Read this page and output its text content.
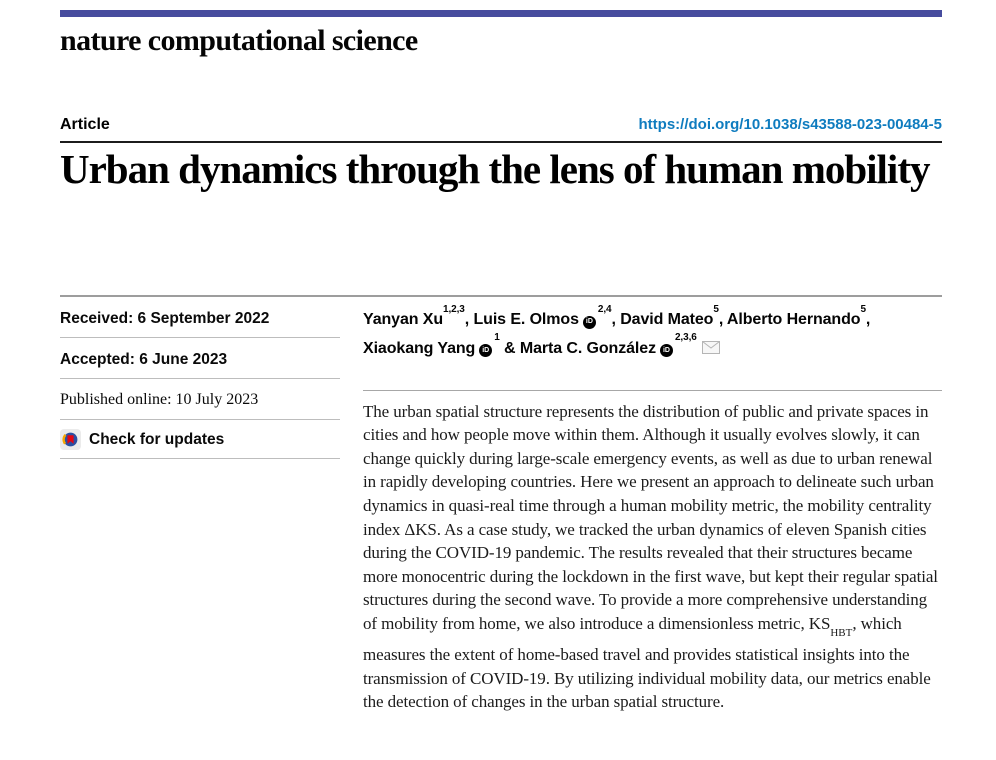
nature computational science
Article	https://doi.org/10.1038/s43588-023-00484-5
Urban dynamics through the lens of human mobility
Received: 6 September 2022
Accepted: 6 June 2023
Published online: 10 July 2023
Check for updates

Yanyan Xu$^{1,2,3}$, Luis E. Olmos iD$^{2,4}$, David Mateo$^5$, Alberto Hernando$^5$,
Xiaokang Yang $iD^1$ & Marta C. González iD$^{2,3,6}$

The urban spatial structure represents the distribution of public and private spaces in cities and how people move within them. Although it usually evolves slowly, it can change quickly during large-scale emergency events, as well as due to urban renewal in rapidly developing countries. Here we present an approach to delineate such urban dynamics in quasi-real time through a human mobility metric, the mobility centrality index ΔKS. As a case study, we tracked the urban dynamics of eleven Spanish cities during the COVID-19 pandemic. The results revealed that their structures became more monocentric during the lockdown in the first wave, but kept their regular spatial structures during the second wave. To provide a more comprehensive understanding of mobility from home, we also introduce a dimensionless metric, $KS_{HBT}$, which measures the extent of home-based travel and provides statistical insights into the transmission of COVID-19. By utilizing individual mobility data, our metrics enable the detection of changes in the urban spatial structure.
